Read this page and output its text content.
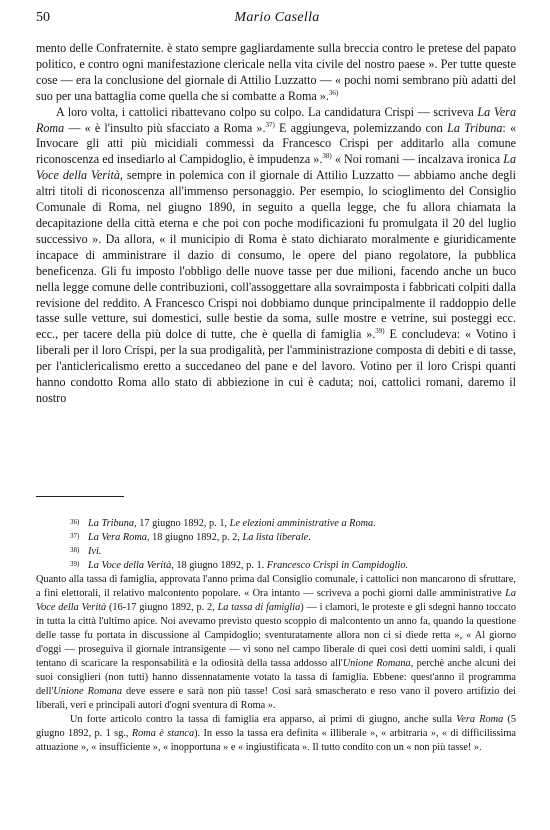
50	Mario Casella

mento delle Confraternite. è stato sempre gagliardamente sulla breccia contro le pretese del papato politico, e contro ogni manifestazione clericale nella vita civile del nostro paese ». Per tutte queste cose — era la conclusione del giornale di Attilio Luzzatto — « pochi nomi sembrano più adatti del suo per una battaglia come quella che si combatte a Roma ».$^{36)}$

A loro volta, i cattolici ribattevano colpo su colpo. La candidatura Crispi — scriveva La Vera Roma — « è l'insulto più sfacciato a Roma ».$^{37)}$ E aggiungeva, polemizzando con La Tribuna: « Invocare gli atti più micidiali commessi da Francesco Crispi per additarlo alla comune riconoscenza ed insediarlo al Campidoglio, è impudenza ».$^{38)}$ « Noi romani — incalzava ironica La Voce della Verità, sempre in polemica con il giornale di Attilio Luzzatto — abbiamo anche degli altri titoli di riconoscenza all'immenso personaggio. Per esempio, lo scioglimento del Consiglio Comunale di Roma, nel giugno 1890, in seguito a quella legge, che fu allora chiamata la decapitazione della città eterna e che poi con poche modificazioni fu promulgata il 20 del luglio successivo ». Da allora, « il municipio di Roma è stato dichiarato moralmente e giuridicamente incapace di amministrare il dazio di consumo, le opere del piano regolatore, la pubblica beneficenza. Gli fu imposto l'obbligo delle nuove tasse per due milioni, facendo anche un buco nella legge comune delle contribuzioni, coll'assoggettare alla sovraimposta i fabbricati colpiti dalla revisione del reddito. A Francesco Crispi noi dobbiamo dunque principalmente il raddoppio delle tasse sulle vetture, sui domestici, sulle bestie da soma, sulle mostre e vetrine, sui posteggi ecc. ecc., per tacere della più dolce di tutte, che è quella di famiglia ».$^{39)}$ E concludeva: « Votino i liberali per il loro Crispi, per la sua prodigalità, per l'amministrazione composta di debiti e di tasse, per l'anticlericalismo eretto a succedaneo del pane e del lavoro. Votino per il loro Crispi quanti hanno condotto Roma allo stato di abbiezione in cui è caduta; noi, cattolici romani, daremo il nostro

36) La Tribuna, 17 giugno 1892, p. 1, Le elezioni amministrative a Roma.

37) La Vera Roma, 18 giugno 1892, p. 2, La lista liberale.

38) Ivi.

39) La Voce della Verità, 18 giugno 1892, p. 1. Francesco Crispi in Campidoglio.

Quanto alla tassa di famiglia, approvata l'anno prima dal Consiglio comunale, i cattolici non mancarono di sfruttare, a fini elettorali, il relativo malcontento popolare. « Ora intanto — scriveva a pochi giorni dalle amministrative La Voce della Verità (16-17 giugno 1892, p. 2, La tassa di famiglia) — i clamori, le proteste e gli sdegni hanno toccato in tutta la città l'ultimo apice. Noi avevamo previsto questo scoppio di malcontento un anno fa, quando la questione delle tasse fu portata in discussione al Campidoglio; sventuratamente allora non ci si diede retta », « Al giorno d'oggi — proseguiva il giornale intransigente — vi sono nel campo liberale di quei così detti uomini saldi, i quali tentano di scaricare la responsabilità e la odiosità della tassa addosso all'Unione Romana, perchè anche alcuni dei suoi consiglieri (non tutti) hanno dissennatamente votato la tassa di famiglia. Ebbene: quest'anno il programma dell'Unione Romana deve essere e sarà non più tasse! Così sarà smascherato e reso vano il povero artifizio dei liberali, veri e principali autori d'ogni sventura di Roma ».

Un forte articolo contro la tassa di famiglia era apparso, ai primi di giugno, anche sulla Vera Roma (5 giugno 1892, p. 1 sg., Roma è stanca). In esso la tassa era definita « illiberale », « arbitraria », « di difficilissima attuazione », « insufficiente », « inopportuna » e « ingiustificata ». Il tutto condito con un « non più tasse! ».
